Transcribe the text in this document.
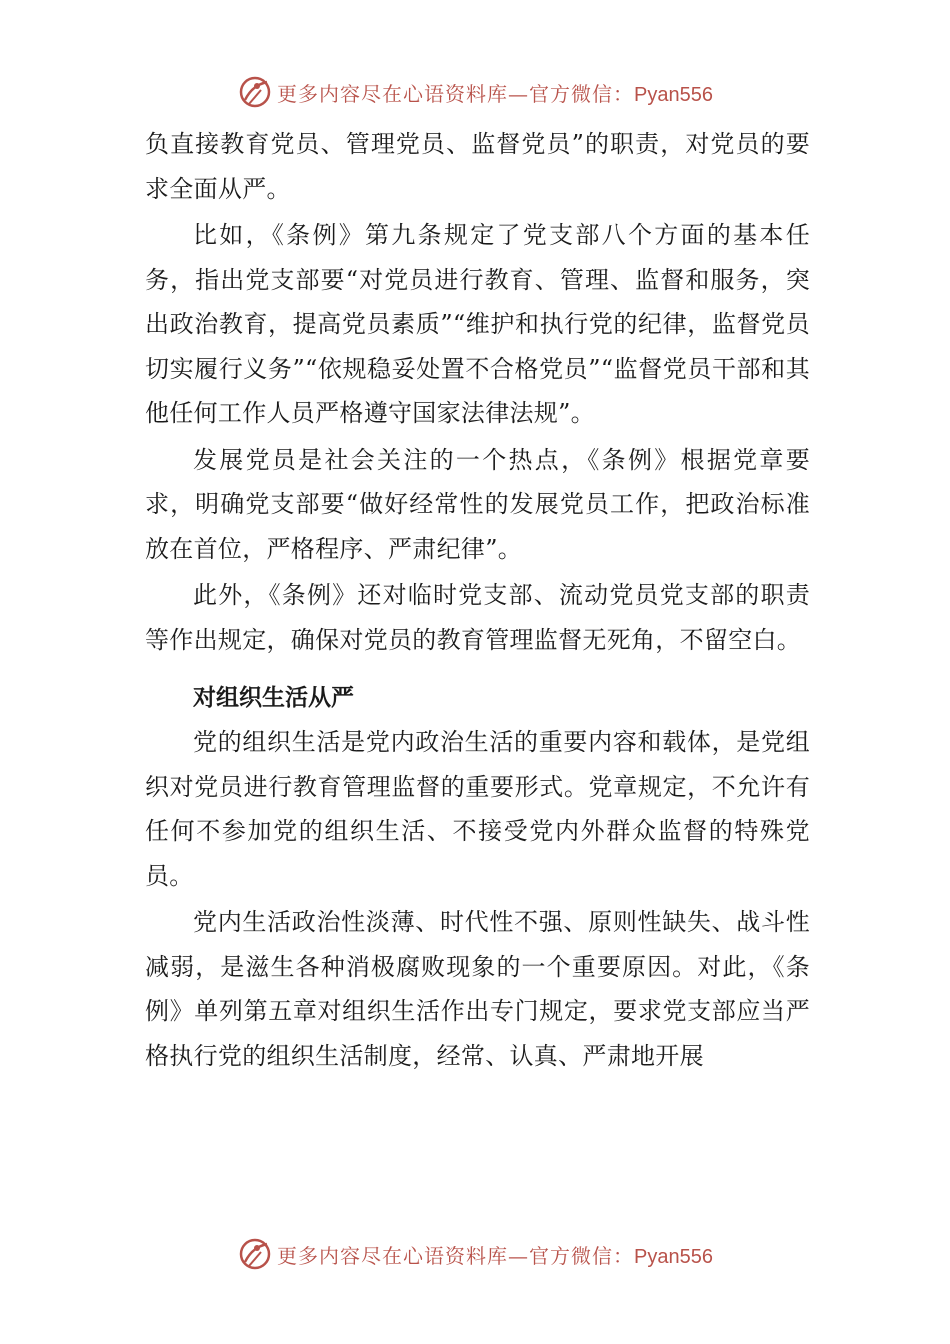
更多内容尽在心语资料库—官方微信：Pyan556

负直接教育党员、管理党员、监督党员”的职责，对党员的要求全面从严。

比如，《条例》第九条规定了党支部八个方面的基本任务，指出党支部要“对党员进行教育、管理、监督和服务，突出政治教育，提高党员素质”“维护和执行党的纪律，监督党员切实履行义务”“依规稳妥处置不合格党员”“监督党员干部和其他任何工作人员严格遵守国家法律法规”。

发展党员是社会关注的一个热点，《条例》根据党章要求，明确党支部要“做好经常性的发展党员工作，把政治标准放在首位，严格程序、严肃纪律”。

此外，《条例》还对临时党支部、流动党员党支部的职责等作出规定，确保对党员的教育管理监督无死角，不留空白。

对组织生活从严

党的组织生活是党内政治生活的重要内容和载体，是党组织对党员进行教育管理监督的重要形式。党章规定，不允许有任何不参加党的组织生活、不接受党内外群众监督的特殊党员。

党内生活政治性淡薄、时代性不强、原则性缺失、战斗性减弱，是滋生各种消极腐败现象的一个重要原因。对此，《条例》单列第五章对组织生活作出专门规定，要求党支部应当严格执行党的组织生活制度，经常、认真、严肃地开展

更多内容尽在心语资料库—官方微信：Pyan556
